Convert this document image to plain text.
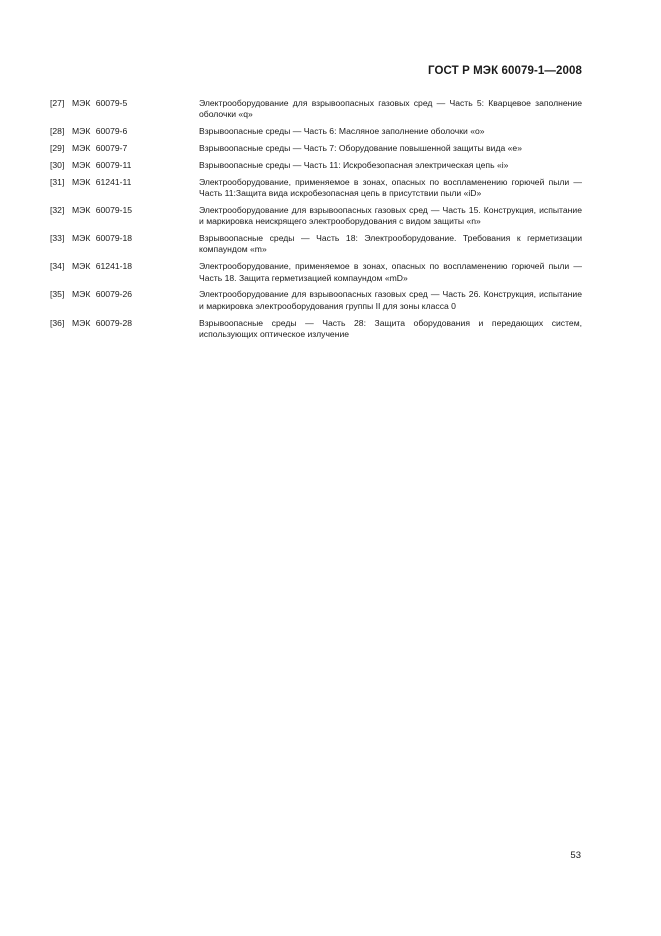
ГОСТ Р МЭК 60079-1—2008
[27] МЭК 60079-5	Электрооборудование для взрывоопасных газовых сред — Часть 5: Кварцевое заполнение оболочки «q»
[28] МЭК 60079-6	Взрывоопасные среды — Часть 6: Масляное заполнение оболочки «o»
[29] МЭК 60079-7	Взрывоопасные среды — Часть 7: Оборудование повышенной защиты вида «e»
[30] МЭК 60079-11	Взрывоопасные среды — Часть 11: Искробезопасная электрическая цепь «i»
[31] МЭК 61241-11	Электрооборудование, применяемое в зонах, опасных по воспламенению горючей пыли — Часть 11:Защита вида искробезопасная цепь в присутствии пыли «iD»
[32] МЭК 60079-15	Электрооборудование для взрывоопасных газовых сред — Часть 15. Конструкция, испытание и маркировка неискрящего электрооборудования с видом защиты «n»
[33] МЭК 60079-18	Взрывоопасные среды — Часть 18: Электрооборудование. Требования к герметизации компаундом «m»
[34] МЭК 61241-18	Электрооборудование, применяемое в зонах, опасных по воспламенению горючей пыли — Часть 18. Защита герметизацией компаундом «mD»
[35] МЭК 60079-26	Электрооборудование для взрывоопасных газовых сред — Часть 26. Конструкция, испытание и маркировка электрооборудования группы II для зоны класса 0
[36] МЭК 60079-28	Взрывоопасные среды — Часть 28: Защита оборудования и передающих систем, использующих оптическое излучение
53
